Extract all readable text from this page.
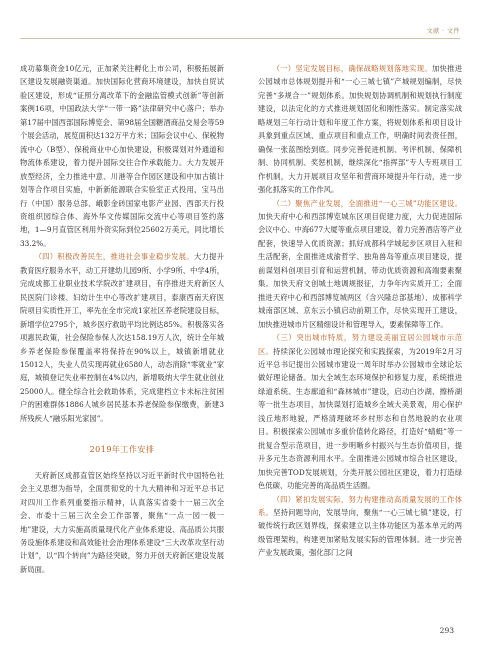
文献 · 文件

成功募集资金10亿元，正加紧关注孵化上市公司，积极拓展新区建设发展融资渠道。加快国际化营商环境建设，加快自贸试验区建设，形成“证照分离改革下的金融监管模式创新”等创新案例16项，中国政法大学“一带一路”法律研究中心落户；举办第17届中国西部国际博览会、第98届全国糖酒商品交易会等59个展会活动，展览面积达132万平方米；国际会议中心、保税物流中心（B型）、保税商业中心加快建设，积极谋划对外通道和物流体系建设，着力提升国际交往合作承载能力。大力发展开放型经济，全力推进中意、川港等合作园区建设和中加古镇计划等合作项目实施，中新新能源联合实验室正式投用，宝马出行（中国）服务总部、峨影金砖国家电影产业园、西部天行投资组织园综合体、海外华文传媒国际交流中心等项目签约落地，1—9月直管区利用外资实际到位25602万美元，同比增长33.2%。

（四）积极改善民生，推进社会事业稳步发展。大力提升教育医疗服务水平，动工开建幼儿园9所、小学9所、中学4所，完成成都工业职业技术学院改扩建项目，有序推进天府新区人民医院门诊楼、妇幼计生中心等改扩建项目，泰康西南天府医院项目实质性开工，率先在全市完成1家社区养老院建设目标，新增学位2795个，城乡医疗救助平均比例达85%。积极落实各项惠民政策，社会保险参保人次达158.19万人次，统计全年城乡养老保险参保覆盖率将保持在90%以上，城镇新增就业15012人，失业人员实现再就业6580人，动态消除“零就业”家庭，城镇登记失业率控制在4%以内，新增吸纳大学生就业创业25000人。健全综合社会救助体系，完成建档立卡未标注贫困户的困难群体1886人城乡居民基本养老保险参保缴费，新建3所残疾人“融乐阳光家园”。

2019年工作安排

天府新区成都直管区始终坚持以习近平新时代中国特色社会主义思想为指导，全面贯彻党的十九大精神和习近平总书记对四川工作系列重要指示精神，认真落实省委十一届三次全会、市委十三届三次全会工作部署，聚焦“一点一园一极一地”建设，大力实施高质量现代化产业体系建设、高品质公共服务设施体系建设和高效能社会治理体系建设“三大改革攻坚行动计划”，以“四个转向”为路径突破，努力开创天府新区建设发展新局面。

（一）坚定发展目标，确保战略规划落地实现。加快推进公园城市总体规划提升和“一心三城七镇”产城规划编制，尽快完善“多规合一”规划体系。加快规划协调机制和规划执行制度建设，以法定化的方式推进规划固化和刚性落实。制定落实战略规划三年行动计划和年度工作方案，将规划体系和项目设计具象到重点区域、重点项目和重点工作，明确时间表责任图，确保一张蓝图绘到底。同步完善促进机制、考评机制、保障机制、协同机制、奖惩机制，继续深化“指挥部”专人专班项目工作机制，大力开展项目攻坚年和营商环境提升年行动，进一步强化抓落实的工作作风。

（二）聚焦产业发展，全面推进“一心三城”功能区建设。加快天府中心和西部博览城东区项目促建力度，大力促进国际会议中心、中海677大厦等重点项目建设，着力完善酒店等产业配套，快速导入优质资源；抓好成都科学城起步区项目入驻和生活配套，全面推进成渝哲学、独角兽岛等重点项目建设，提前谋划科创项目引育和运营机制，带动优质资源和高端要素聚集。加快天府文创城土地调规报征，力争年内实质开工；全面推进天府中心和西部博览城两区（含兴隆总部基地）、成都科学城南部区域、京东云小镇启动前期工作，尽快实现开工建设，加快推进城市片区精细设计和管理导入，要素保障等工作。

（三）突出城市特质，努力建设美丽宜居公园城市示范区。持续深化公园城市理论探究和实践探索，为2019年2月习近平总书记提出公园城市建设一周年时举办公园城市全球论坛做好理论储备。加大全域生态环境保护和修复力度，系统推进绿道系统、生态廊道和“森林城市”建设，启动白沙湖、擦桥湖等一批生态项目，加快谋划打造城乡全域大美景观，用心保护浅丘地形地貌，严格清理破坏乡村形态和自然地貌的农业项目。积极探索公园城市多重价值转化路径，打造好“蜻蜓”等一批复合型示范项目，进一步明晰乡村振兴与生态价值项目，提升多元生态资源利用水平。全面推进公园城市综合社区建设，加快完善TOD发展规划，分类开展公园社区建设，着力打造绿色低碳、功能完善的高品质生活圈。

（四）紧扣发展实际，努力构建推动高质量发展的工作体系。坚持问题导向，发展导向，聚焦“一心三城七镇”建设，打破传统行政区划界线，探索建立以主体功能区为基本单元的两级管理架构，构建更加紧贴发展实际的管理体制。进一步完善产业发展政策，强化部门之间

293
